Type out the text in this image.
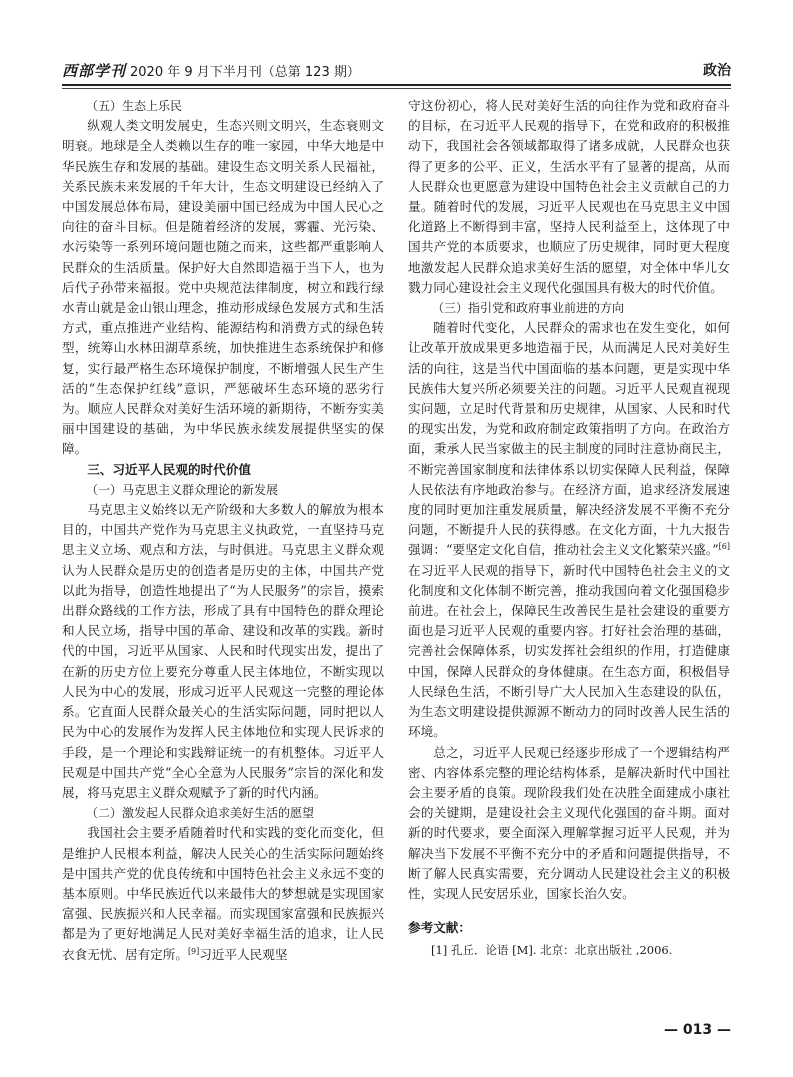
西部学刊 2020 年 9 月下半月刊（总第 123 期）	政治

（五）生态上乐民

纵观人类文明发展史，生态兴则文明兴，生态衰则文明衰。地球是全人类赖以生存的唯一家园，中华大地是中华民族生存和发展的基础。建设生态文明关系人民福祉，关系民族未来发展的千年大计，生态文明建设已经纳入了中国发展总体布局，建设美丽中国已经成为中国人民心之向往的奋斗目标。但是随着经济的发展，雾霾、光污染、水污染等一系列环境问题也随之而来，这些都严重影响人民群众的生活质量。保护好大自然即造福于当下人，也为后代子孙带来福报。党中央规范法律制度，树立和践行绿水青山就是金山银山理念，推动形成绿色发展方式和生活方式，重点推进产业结构、能源结构和消费方式的绿色转型，统筹山水林田湖草系统，加快推进生态系统保护和修复，实行最严格生态环境保护制度，不断增强人民生产生活的“生态保护红线”意识，严惩破坏生态环境的恶劣行为。顺应人民群众对美好生活环境的新期待，不断夯实美丽中国建设的基础，为中华民族永续发展提供坚实的保障。

三、习近平人民观的时代价值

（一）马克思主义群众理论的新发展

马克思主义始终以无产阶级和大多数人的解放为根本目的，中国共产党作为马克思主义执政党，一直坚持马克思主义立场、观点和方法，与时俱进。马克思主义群众观认为人民群众是历史的创造者是历史的主体，中国共产党以此为指导，创造性地提出了“为人民服务”的宗旨，摸索出群众路线的工作方法，形成了具有中国特色的群众理论和人民立场，指导中国的革命、建设和改革的实践。新时代的中国，习近平从国家、人民和时代现实出发，提出了在新的历史方位上要充分尊重人民主体地位，不断实现以人民为中心的发展，形成习近平人民观这一完整的理论体系。它直面人民群众最关心的生活实际问题，同时把以人民为中心的发展作为发挥人民主体地位和实现人民诉求的手段，是一个理论和实践辩证统一的有机整体。习近平人民观是中国共产党“全心全意为人民服务”宗旨的深化和发展，将马克思主义群众观赋予了新的时代内涵。

（二）激发起人民群众追求美好生活的愿望

我国社会主要矛盾随着时代和实践的变化而变化，但是维护人民根本利益，解决人民关心的生活实际问题始终是中国共产党的优良传统和中国特色社会主义永远不变的基本原则。中华民族近代以来最伟大的梦想就是实现国家富强、民族振兴和人民幸福。而实现国家富强和民族振兴都是为了更好地满足人民对美好幸福生活的追求，让人民衣食无忧、居有定所。[9]习近平人民观坚

守这份初心，将人民对美好生活的向往作为党和政府奋斗的目标，在习近平人民观的指导下，在党和政府的积极推动下，我国社会各领域都取得了诸多成就，人民群众也获得了更多的公平、正义，生活水平有了显著的提高，从而人民群众也更愿意为建设中国特色社会主义贡献自己的力量。随着时代的发展，习近平人民观也在马克思主义中国化道路上不断得到丰富，坚持人民利益至上，这体现了中国共产党的本质要求，也顺应了历史规律，同时更大程度地激发起人民群众追求美好生活的愿望，对全体中华儿女戮力同心建设社会主义现代化强国具有极大的时代价值。

（三）指引党和政府事业前进的方向

随着时代变化，人民群众的需求也在发生变化，如何让改革开放成果更多地造福于民，从而满足人民对美好生活的向往，这是当代中国面临的基本问题，更是实现中华民族伟大复兴所必须要关注的问题。习近平人民观直视现实问题，立足时代背景和历史规律，从国家、人民和时代的现实出发，为党和政府制定政策指明了方向。在政治方面，秉承人民当家做主的民主制度的同时注意协商民主，不断完善国家制度和法律体系以切实保障人民利益，保障人民依法有序地政治参与。在经济方面，追求经济发展速度的同时更加注重发展质量，解决经济发展不平衡不充分问题，不断提升人民的获得感。在文化方面，十九大报告强调：“要坚定文化自信，推动社会主义文化繁荣兴盛。”[6]在习近平人民观的指导下，新时代中国特色社会主义的文化制度和文化体制不断完善，推动我国向着文化强国稳步前进。在社会上，保障民生改善民生是社会建设的重要方面也是习近平人民观的重要内容。打好社会治理的基础，完善社会保障体系，切实发挥社会组织的作用，打造健康中国，保障人民群众的身体健康。在生态方面，积极倡导人民绿色生活，不断引导广大人民加入生态建设的队伍，为生态文明建设提供源源不断动力的同时改善人民生活的环境。

总之，习近平人民观已经逐步形成了一个逻辑结构严密、内容体系完整的理论结构体系，是解决新时代中国社会主要矛盾的良策。现阶段我们处在决胜全面建成小康社会的关键期，是建设社会主义现代化强国的奋斗期。面对新的时代要求，要全面深入理解掌握习近平人民观，并为解决当下发展不平衡不充分中的矛盾和问题提供指导，不断了解人民真实需要，充分调动人民建设社会主义的积极性，实现人民安居乐业，国家长治久安。

参考文献：

[1] 孔丘．论语 [M]. 北京：北京出版社 ,2006.

— 013 —
